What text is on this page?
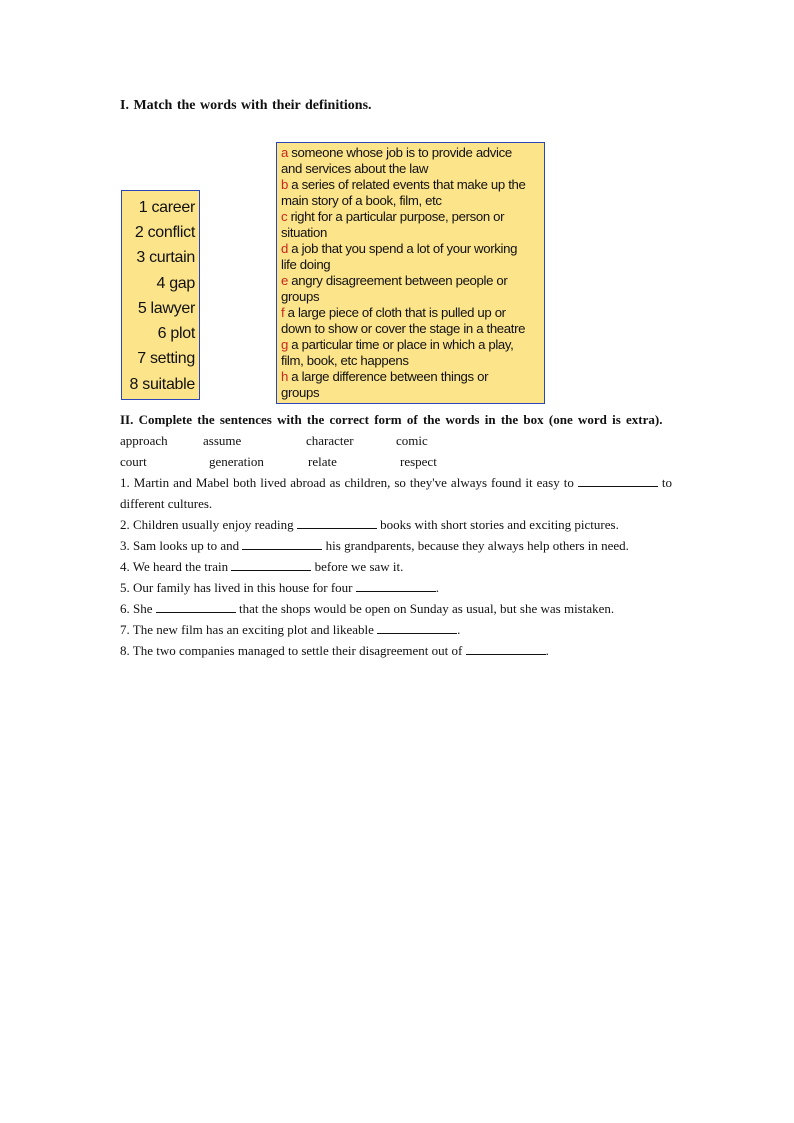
I. Match the words with their definitions.
1 career
2 conflict
3 curtain
4 gap
5 lawyer
6 plot
7 setting
8 suitable
a someone whose job is to provide advice
and services about the law
b a series of related events that make up the
main story of a book, film, etc
c right for a particular purpose, person or
situation
d a job that you spend a lot of your working
life doing
e angry disagreement between people or
groups
f a large piece of cloth that is pulled up or
down to show or cover the stage in a theatre
g a particular time or place in which a play,
film, book, etc happens
h a large difference between things or
groups
II. Complete the sentences with the correct form of the words in the box (one word is extra).
approach	assume	character	comic
court	generation	relate	respect
1. Martin and Mabel both lived abroad as children, so they've always found it easy to	to different cultures.
2. Children usually enjoy reading	books with short stories and exciting pictures.
3. Sam looks up to and	his grandparents, because they always help others in need.
4. We heard the train	before we saw it.
5. Our family has lived in this house for four	.
6. She	that the shops would be open on Sunday as usual, but she was mistaken.
7. The new film has an exciting plot and likeable	.
8. The two companies managed to settle their disagreement out of	.
